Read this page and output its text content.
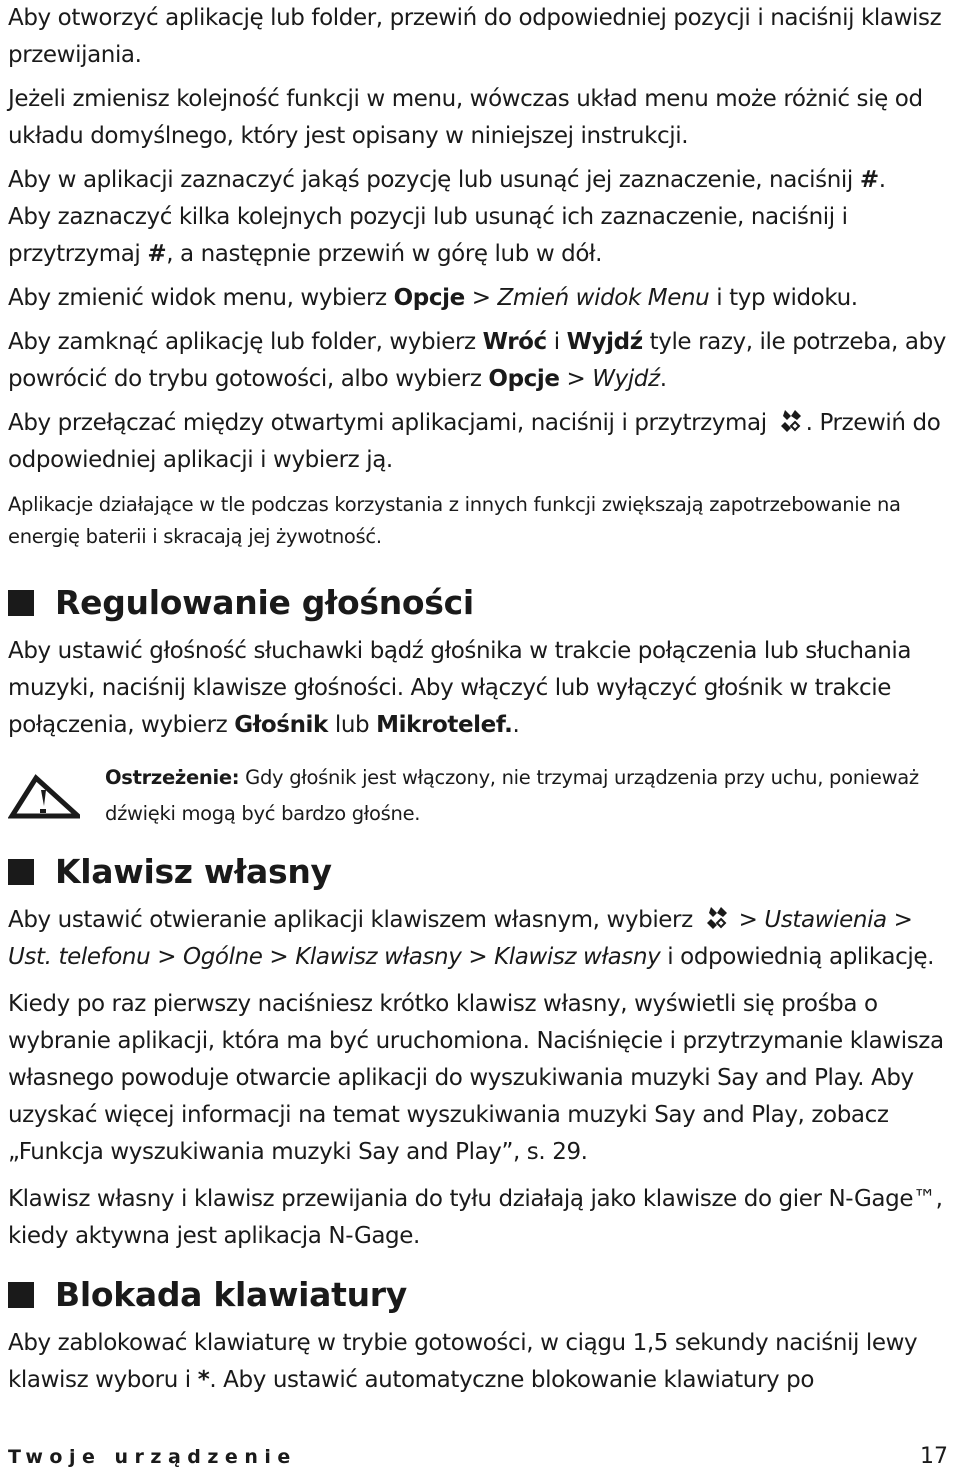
Aby otworzyć aplikację lub folder, przewiń do odpowiedniej pozycji i naciśnij klawisz przewijania.

Jeżeli zmienisz kolejność funkcji w menu, wówczas układ menu może różnić się od układu domyślnego, który jest opisany w niniejszej instrukcji.

Aby w aplikacji zaznaczyć jakąś pozycję lub usunąć jej zaznaczenie, naciśnij #.

Aby zaznaczyć kilka kolejnych pozycji lub usunąć ich zaznaczenie, naciśnij i przytrzymaj #, a następnie przewiń w górę lub w dół.

Aby zmienić widok menu, wybierz Opcje > Zmień widok Menu i typ widoku.

Aby zamknąć aplikację lub folder, wybierz Wróć i Wyjdź tyle razy, ile potrzeba, aby powrócić do trybu gotowości, albo wybierz Opcje > Wyjdź.

Aby przełączać między otwartymi aplikacjami, naciśnij i przytrzymaj . Przewiń do odpowiedniej aplikacji i wybierz ją.

Aplikacje działające w tle podczas korzystania z innych funkcji zwiększają zapotrzebowanie na energię baterii i skracają jej żywotność.

Regulowanie głośności

Aby ustawić głośność słuchawki bądź głośnika w trakcie połączenia lub słuchania muzyki, naciśnij klawisze głośności. Aby włączyć lub wyłączyć głośnik w trakcie połączenia, wybierz Głośnik lub Mikrotelef..

Ostrzeżenie: Gdy głośnik jest włączony, nie trzymaj urządzenia przy uchu, ponieważ dźwięki mogą być bardzo głośne.
Klawisz własny

Aby ustawić otwieranie aplikacji klawiszem własnym, wybierz  > Ustawienia > Ust. telefonu > Ogólne > Klawisz własny > Klawisz własny i odpowiednią aplikację.

Kiedy po raz pierwszy naciśniesz krótko klawisz własny, wyświetli się prośba o wybranie aplikacji, która ma być uruchomiona. Naciśnięcie i przytrzymanie klawisza własnego powoduje otwarcie aplikacji do wyszukiwania muzyki Say and Play. Aby uzyskać więcej informacji na temat wyszukiwania muzyki Say and Play, zobacz „Funkcja wyszukiwania muzyki Say and Play”, s. 29.

Klawisz własny i klawisz przewijania do tyłu działają jako klawisze do gier N-Gage™, kiedy aktywna jest aplikacja N-Gage.

Blokada klawiatury

Aby zablokować klawiaturę w trybie gotowości, w ciągu 1,5 sekundy naciśnij lewy klawisz wyboru i *. Aby ustawić automatyczne blokowanie klawiatury po

Twoje urządzenie	17
